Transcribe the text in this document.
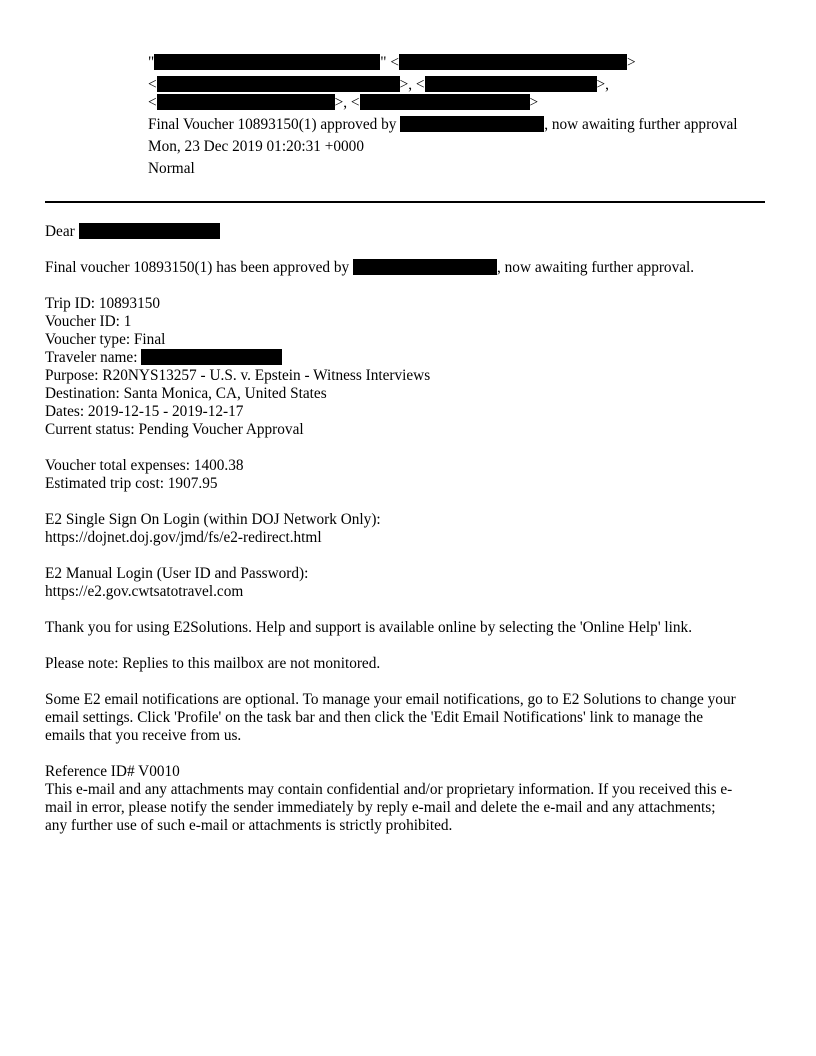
"	" <	>
<	>, <	>,
<	>, <	>
Final Voucher 10893150(1) approved by	, now awaiting further approval
Mon, 23 Dec 2019 01:20:31 +0000
Normal
Dear
Final voucher 10893150(1) has been approved by	, now awaiting further approval.
Trip ID: 10893150
Voucher ID: 1
Voucher type: Final
Traveler name:
Purpose: R20NYS13257 - U.S. v. Epstein - Witness Interviews
Destination: Santa Monica, CA, United States
Dates: 2019-12-15 - 2019-12-17
Current status: Pending Voucher Approval
Voucher total expenses: 1400.38
Estimated trip cost: 1907.95
E2 Single Sign On Login (within DOJ Network Only):
https://dojnet.doj.gov/jmd/fs/e2-redirect.html
E2 Manual Login (User ID and Password):
https://e2.gov.cwtsatotravel.com
Thank you for using E2Solutions. Help and support is available online by selecting the 'Online Help' link.
Please note: Replies to this mailbox are not monitored.
Some E2 email notifications are optional. To manage your email notifications, go to E2 Solutions to change your
email settings. Click 'Profile' on the task bar and then click the 'Edit Email Notifications' link to manage the
emails that you receive from us.
Reference ID# V0010
This e-mail and any attachments may contain confidential and/or proprietary information. If you received this e-
mail in error, please notify the sender immediately by reply e-mail and delete the e-mail and any attachments;
any further use of such e-mail or attachments is strictly prohibited.
